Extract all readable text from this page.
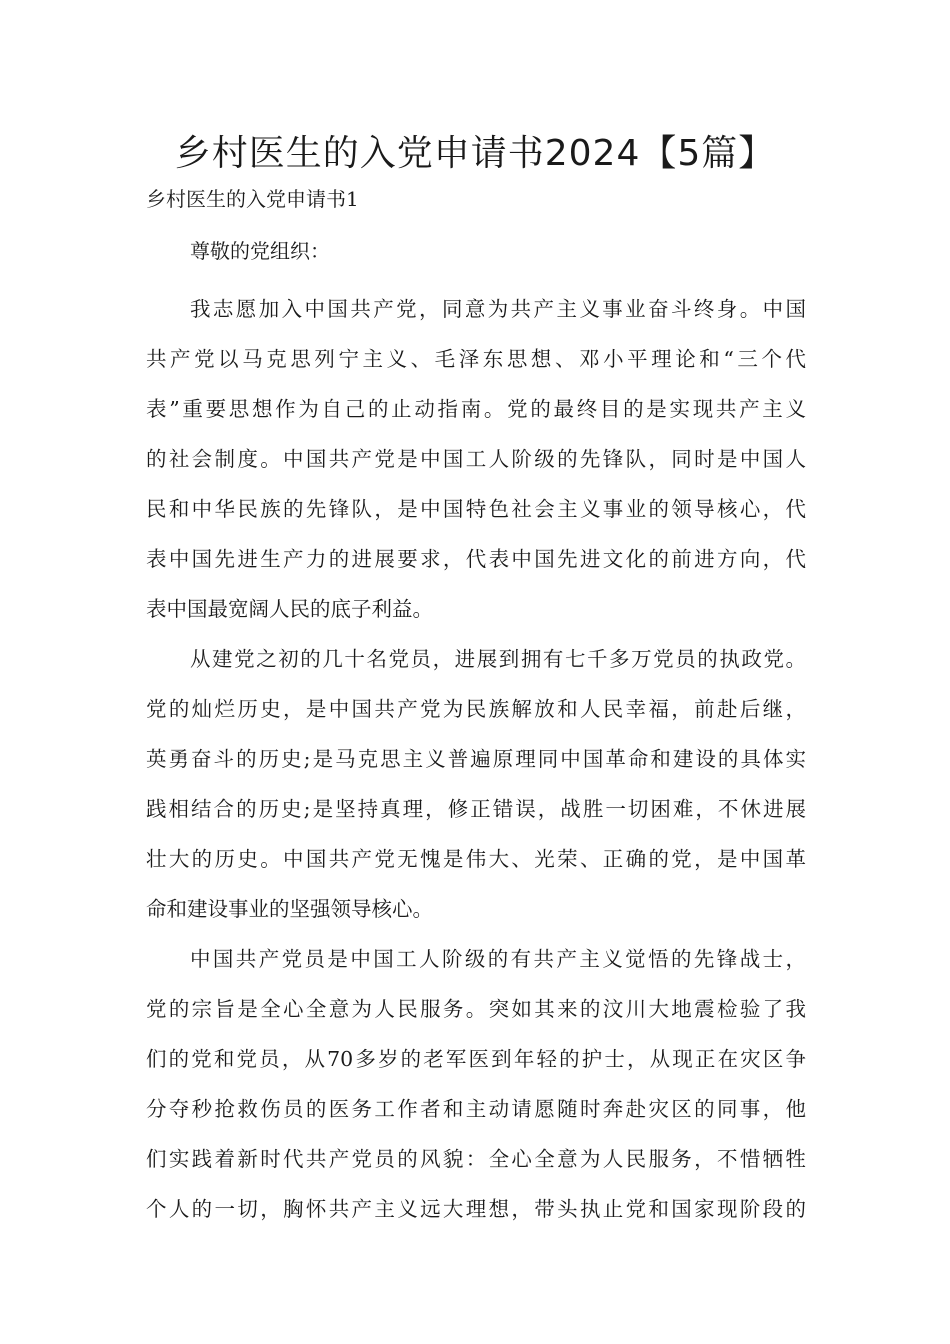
乡村医生的入党申请书2024【5篇】

乡村医生的入党申请书1

尊敬的党组织：

我志愿加入中国共产党，同意为共产主义事业奋斗终身。中国
共产党以马克思列宁主义、毛泽东思想、邓小平理论和“三个代
表”重要思想作为自己的止动指南。党的最终目的是实现共产主义
的社会制度。中国共产党是中国工人阶级的先锋队，同时是中国人
民和中华民族的先锋队，是中国特色社会主义事业的领导核心，代
表中国先进生产力的进展要求，代表中国先进文化的前进方向，代
表中国最宽阔人民的底子利益。
从建党之初的几十名党员，进展到拥有七千多万党员的执政党。
党的灿烂历史，是中国共产党为民族解放和人民幸福，前赴后继，
英勇奋斗的历史;是马克思主义普遍原理同中国革命和建设的具体实
践相结合的历史;是坚持真理，修正错误，战胜一切困难，不休进展
壮大的历史。中国共产党无愧是伟大、光荣、正确的党，是中国革
命和建设事业的坚强领导核心。
中国共产党员是中国工人阶级的有共产主义觉悟的先锋战士，
党的宗旨是全心全意为人民服务。突如其来的汶川大地震检验了我
们的党和党员，从70多岁的老军医到年轻的护士，从现正在灾区争
分夺秒抢救伤员的医务工作者和主动请愿随时奔赴灾区的同事，他
们实践着新时代共产党员的风貌：全心全意为人民服务，不惜牺牲
个人的一切，胸怀共产主义远大理想，带头执止党和国家现阶段的
